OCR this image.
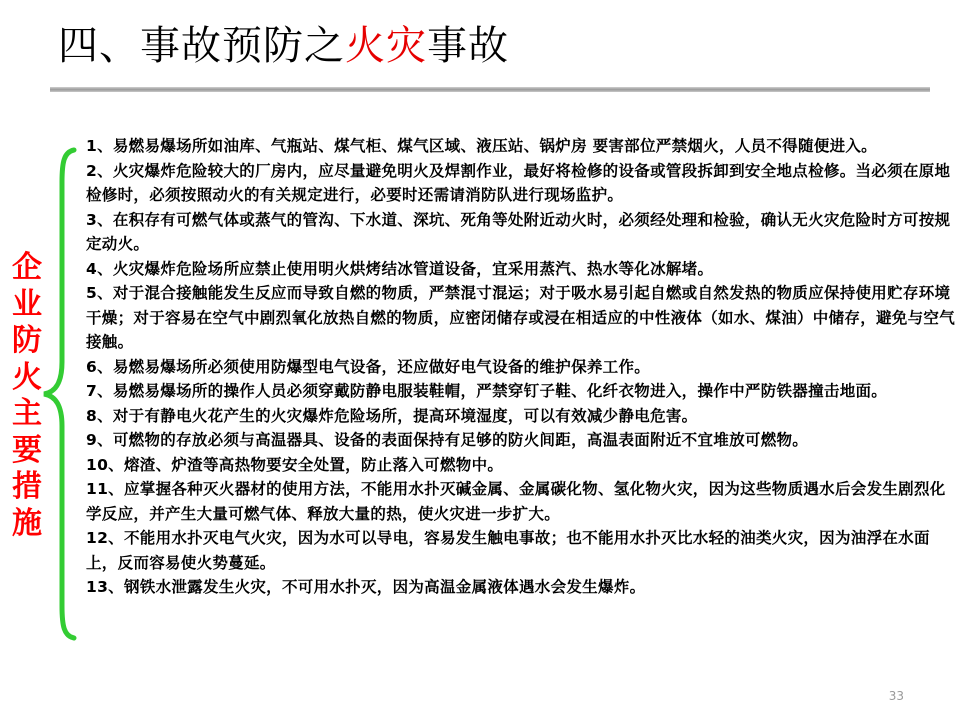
四、事故预防之火灾事故
企业防火主要措施

1、易燃易爆场所如油库、气瓶站、煤气柜、煤气区域、液压站、锅炉房 要害部位严禁烟火，人员不得随便进入。

2、火灾爆炸危险较大的厂房内，应尽量避免明火及焊割作业，最好将检修的设备或管段拆卸到安全地点检修。当必须在原地检修时，必须按照动火的有关规定进行，必要时还需请消防队进行现场监护。

3、在积存有可燃气体或蒸气的管沟、下水道、深坑、死角等处附近动火时，必须经处理和检验，确认无火灾危险时方可按规定动火。

4、火灾爆炸危险场所应禁止使用明火烘烤结冰管道设备，宜采用蒸汽、热水等化冰解堵。

5、对于混合接触能发生反应而导致自燃的物质，严禁混寸混运；对于吸水易引起自燃或自然发热的物质应保持使用贮存环境干燥；对于容易在空气中剧烈氧化放热自燃的物质，应密闭储存或浸在相适应的中性液体（如水、煤油）中储存，避免与空气接触。

6、易燃易爆场所必须使用防爆型电气设备，还应做好电气设备的维护保养工作。

7、易燃易爆场所的操作人员必须穿戴防静电服装鞋帽，严禁穿钉子鞋、化纤衣物进入，操作中严防铁器撞击地面。

8、对于有静电火花产生的火灾爆炸危险场所，提高环境湿度，可以有效减少静电危害。

9、可燃物的存放必须与高温器具、设备的表面保持有足够的防火间距，高温表面附近不宜堆放可燃物。

10、熔渣、炉渣等高热物要安全处置，防止落入可燃物中。

11、应掌握各种灭火器材的使用方法，不能用水扑灭碱金属、金属碳化物、氢化物火灾，因为这些物质遇水后会发生剧烈化学反应，并产生大量可燃气体、释放大量的热，使火灾进一步扩大。

12、不能用水扑灭电气火灾，因为水可以导电，容易发生触电事故；也不能用水扑灭比水轻的油类火灾，因为油浮在水面上，反而容易使火势蔓延。

13、钢铁水泄露发生火灾，不可用水扑灭，因为高温金属液体遇水会发生爆炸。

33
